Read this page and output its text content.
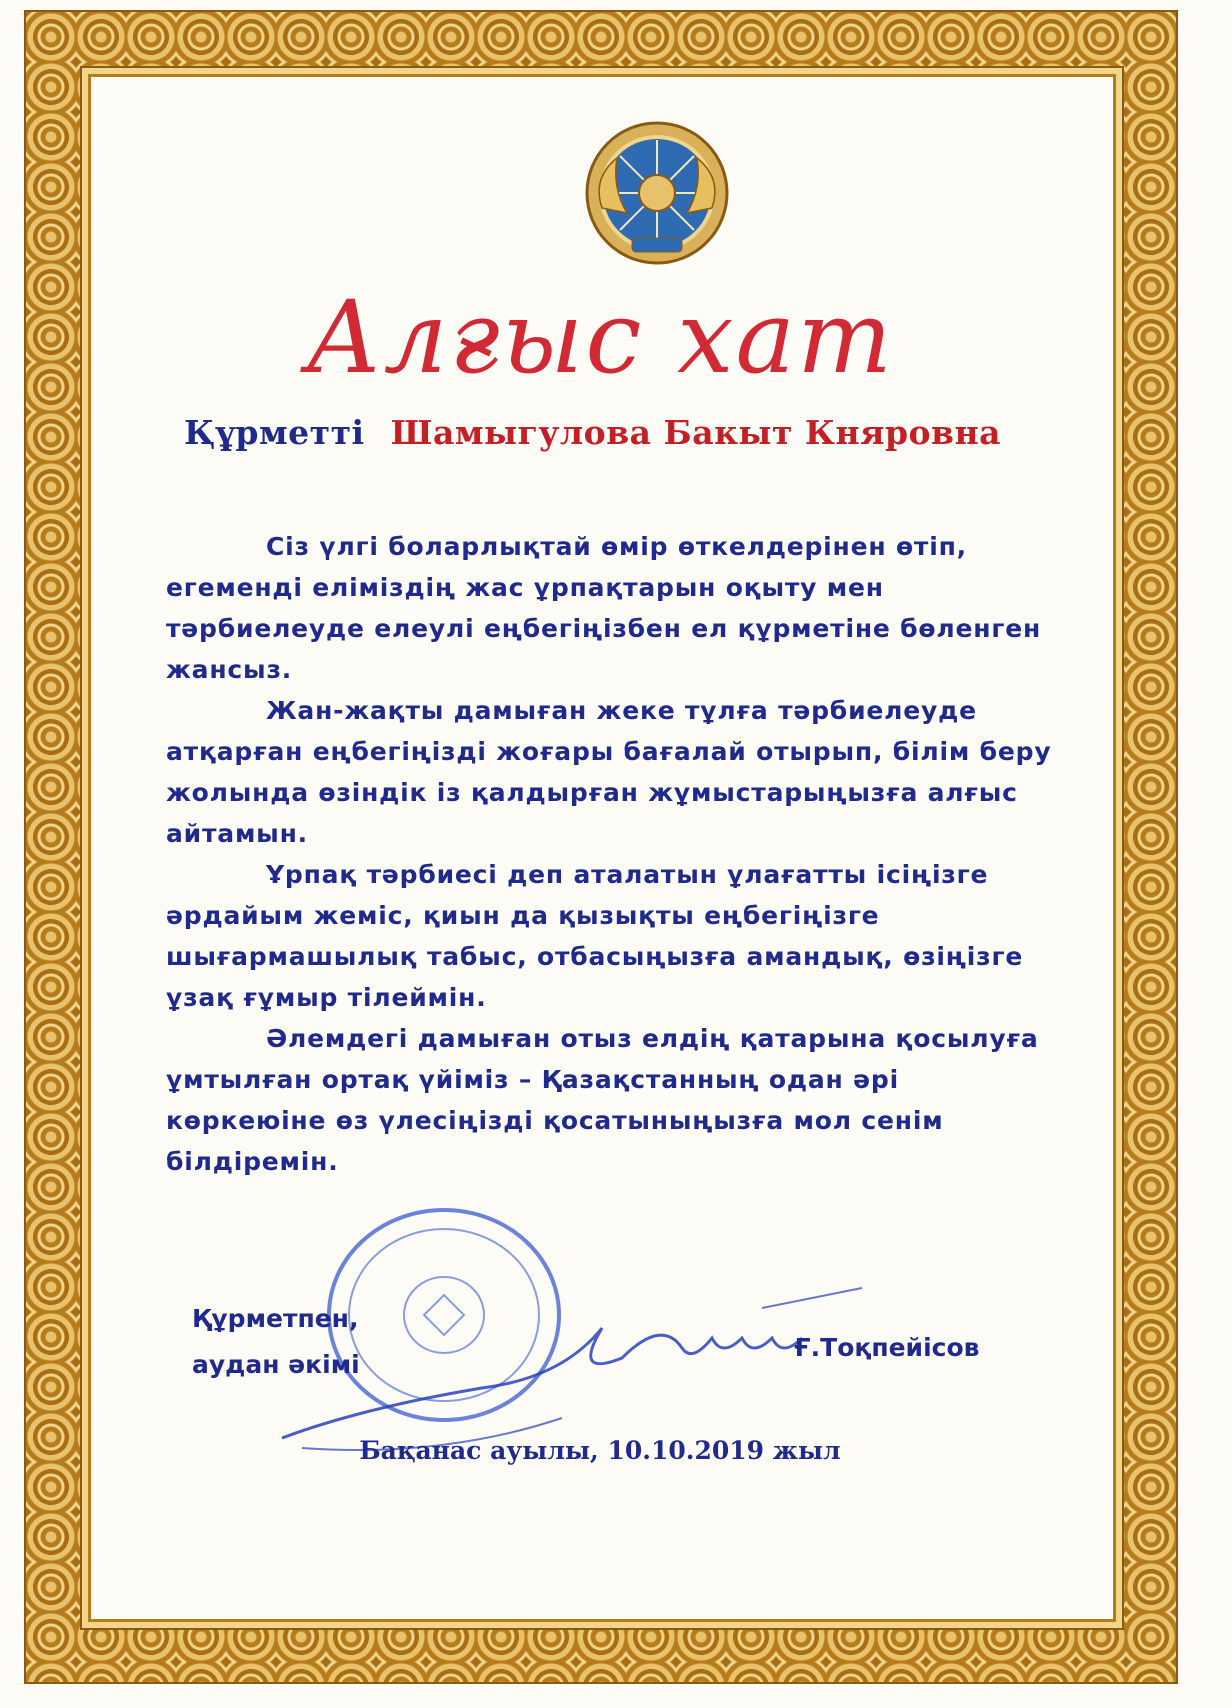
Алғыс хат
Құрметті Шамыгулова Бакыт Княровна

Сіз үлгі боларлықтай өмір өткелдерінен өтіп, егеменді еліміздің жас ұрпақтарын оқыту мен тәрбиелеуде елеулі еңбегіңізбен ел құрметіне бөленген жансыз.

Жан-жақты дамыған жеке тұлға тәрбиелеуде атқарған еңбегіңізді жоғары бағалай отырып, білім беру жолында өзіндік із қалдырған жұмыстарыңызға алғыс айтамын.

Ұрпақ тәрбиесі деп аталатын ұлағатты ісіңізге әрдайым жеміс, қиын да қызықты еңбегіңізге шығармашылық табыс, отбасыңызға амандық, өзіңізге ұзақ ғұмыр тілеймін.

Әлемдегі дамыған отыз елдің қатарына қосылуға ұмтылған ортақ үйіміз – Қазақстанның одан әрі көркеюіне өз үлесіңізді қосатыныңызға мол сенім білдіремін.

Құрметпен,
аудан әкімі
Ғ.Тоқпейісов
Бақанас ауылы, 10.10.2019 жыл
